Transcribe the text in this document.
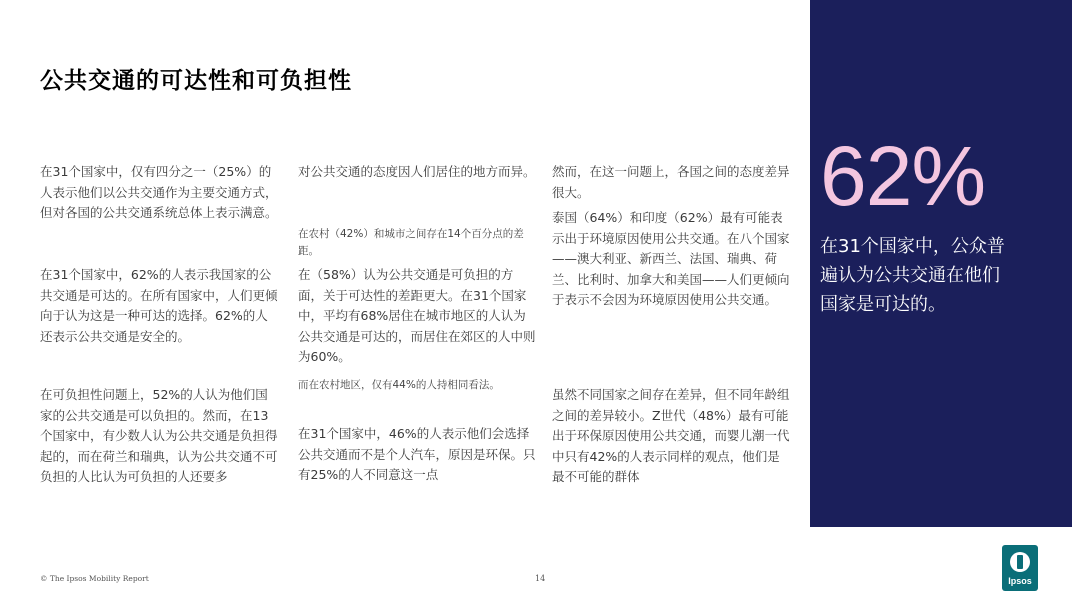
公共交通的可达性和可负担性

在31个国家中，仅有四分之一（25%）的人表示他们以公共交通作为主要交通方式，但对各国的公共交通系统总体上表示满意。

在31个国家中，62%的人表示我国家的公共交通是可达的。在所有国家中，人们更倾向于认为这是一种可达的选择。62%的人还表示公共交通是安全的。

在可负担性问题上，52%的人认为他们国家的公共交通是可以负担的。然而，在13个国家中，有少数人认为公共交通是负担得起的，而在荷兰和瑞典，认为公共交通不可负担的人比认为可负担的人还要多

对公共交通的态度因人们居住的地方而异。

在农村（42%）和城市之间存在14个百分点的差距。

在（58%）认为公共交通是可负担的方面，关于可达性的差距更大。在31个国家中，平均有68%居住在城市地区的人认为公共交通是可达的，而居住在郊区的人中则为60%。

而在农村地区，仅有44%的人持相同看法。

在31个国家中，46%的人表示他们会选择公共交通而不是个人汽车，原因是环保。只有25%的人不同意这一点

然而，在这一问题上，各国之间的态度差异很大。

泰国（64%）和印度（62%）最有可能表示出于环境原因使用公共交通。在八个国家——澳大利亚、新西兰、法国、瑞典、荷兰、比利时、加拿大和美国——人们更倾向于表示不会因为环境原因使用公共交通。

虽然不同国家之间存在差异，但不同年龄组之间的差异较小。Z世代（48%）最有可能出于环保原因使用公共交通，而婴儿潮一代中只有42%的人表示同样的观点，他们是最不可能的群体

62%
在31个国家中，公众普遍认为公共交通在他们国家是可达的。
© The Ipsos Mobility Report	14	Ipsos
